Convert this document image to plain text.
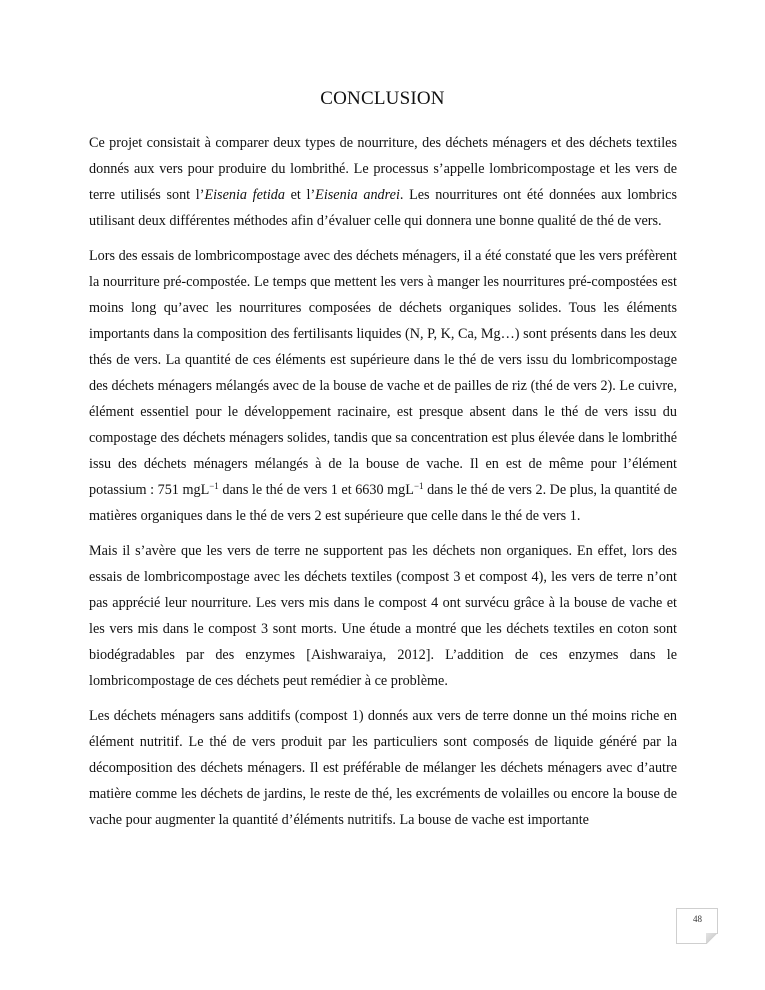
CONCLUSION

Ce projet consistait à comparer deux types de nourriture, des déchets ménagers et des déchets textiles donnés aux vers pour produire du lombrithé. Le processus s’appelle lombricompostage et les vers de terre utilisés sont l’Eisenia fetida et l’Eisenia andrei. Les nourritures ont été données aux lombrics utilisant deux différentes méthodes afin d’évaluer celle qui donnera une bonne qualité de thé de vers.

Lors des essais de lombricompostage avec des déchets ménagers, il a été constaté que les vers préfèrent la nourriture pré-compostée. Le temps que mettent les vers à manger les nourritures pré-compostées est moins long qu’avec les nourritures composées de déchets organiques solides. Tous les éléments importants dans la composition des fertilisants liquides (N, P, K, Ca, Mg…) sont présents dans les deux thés de vers. La quantité de ces éléments est supérieure dans le thé de vers issu du lombricompostage des déchets ménagers mélangés avec de la bouse de vache et de pailles de riz (thé de vers 2). Le cuivre, élément essentiel pour le développement racinaire, est presque absent dans le thé de vers issu du compostage des déchets ménagers solides, tandis que sa concentration est plus élevée dans le lombrithé issu des déchets ménagers mélangés à de la bouse de vache. Il en est de même pour l’élément potassium : 751 mgL$^{-1}$ dans le thé de vers 1 et 6630 mgL$^{-1}$ dans le thé de vers 2. De plus, la quantité de matières organiques dans le thé de vers 2 est supérieure que celle dans le thé de vers 1.

Mais il s’avère que les vers de terre ne supportent pas les déchets non organiques. En effet, lors des essais de lombricompostage avec les déchets textiles (compost 3 et compost 4), les vers de terre n’ont pas apprécié leur nourriture. Les vers mis dans le compost 4 ont survécu grâce à la bouse de vache et les vers mis dans le compost 3 sont morts. Une étude a montré que les déchets textiles en coton sont biodégradables par des enzymes [Aishwaraiya, 2012]. L’addition de ces enzymes dans le lombricompostage de ces déchets peut remédier à ce problème.

Les déchets ménagers sans additifs (compost 1) donnés aux vers de terre donne un thé moins riche en élément nutritif. Le thé de vers produit par les particuliers sont composés de liquide généré par la décomposition des déchets ménagers. Il est préférable de mélanger les déchets ménagers avec d’autre matière comme les déchets de jardins, le reste de thé, les excréments de volailles ou encore la bouse de vache pour augmenter la quantité d’éléments nutritifs. La bouse de vache est importante

48
